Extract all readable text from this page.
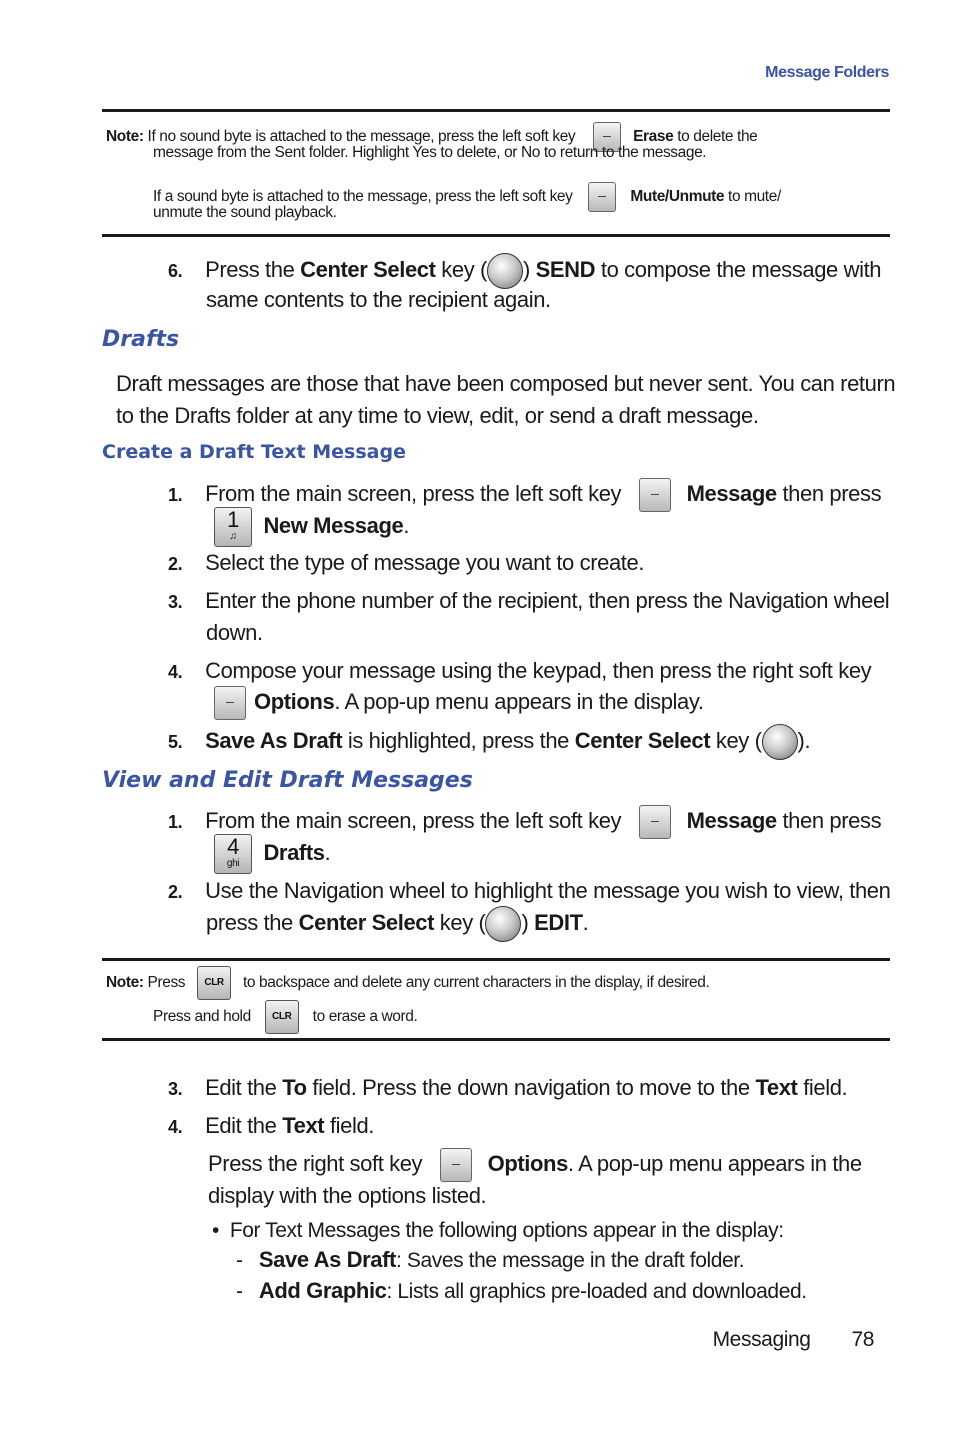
Message Folders
Note: If no sound byte is attached to the message, press the left soft key	Erase to delete the
message from the Sent folder. Highlight Yes to delete, or No to return to the message.
If a sound byte is attached to the message, press the left soft key	Mute/Unmute to mute/
unmute the sound playback.
6. Press the Center Select key ( ) SEND to compose the message with
same contents to the recipient again.
Drafts
Draft messages are those that have been composed but never sent. You can return
to the Drafts folder at any time to view, edit, or send a draft message.
Create a Draft Text Message
1. From the main screen, press the left soft key	Message then press
1
♫	New Message.
2. Select the type of message you want to create.
3. Enter the phone number of the recipient, then press the Navigation wheel
down.
4. Compose your message using the keypad, then press the right soft key
Options. A pop-up menu appears in the display.
5. Save As Draft is highlighted, press the Center Select key ( ).
View and Edit Draft Messages
1. From the main screen, press the left soft key	Message then press
4
ghi	Drafts.
2. Use the Navigation wheel to highlight the message you wish to view, then
press the Center Select key ( ) EDIT.
Note: Press CLR to backspace and delete any current characters in the display, if desired.
Press and hold CLR to erase a word.
3. Edit the To field. Press the down navigation to move to the Text field.
4. Edit the Text field.
Press the right soft key	Options. A pop-up menu appears in the
display with the options listed.
• For Text Messages the following options appear in the display:
- Save As Draft: Saves the message in the draft folder.
- Add Graphic: Lists all graphics pre-loaded and downloaded.
Messaging 78
